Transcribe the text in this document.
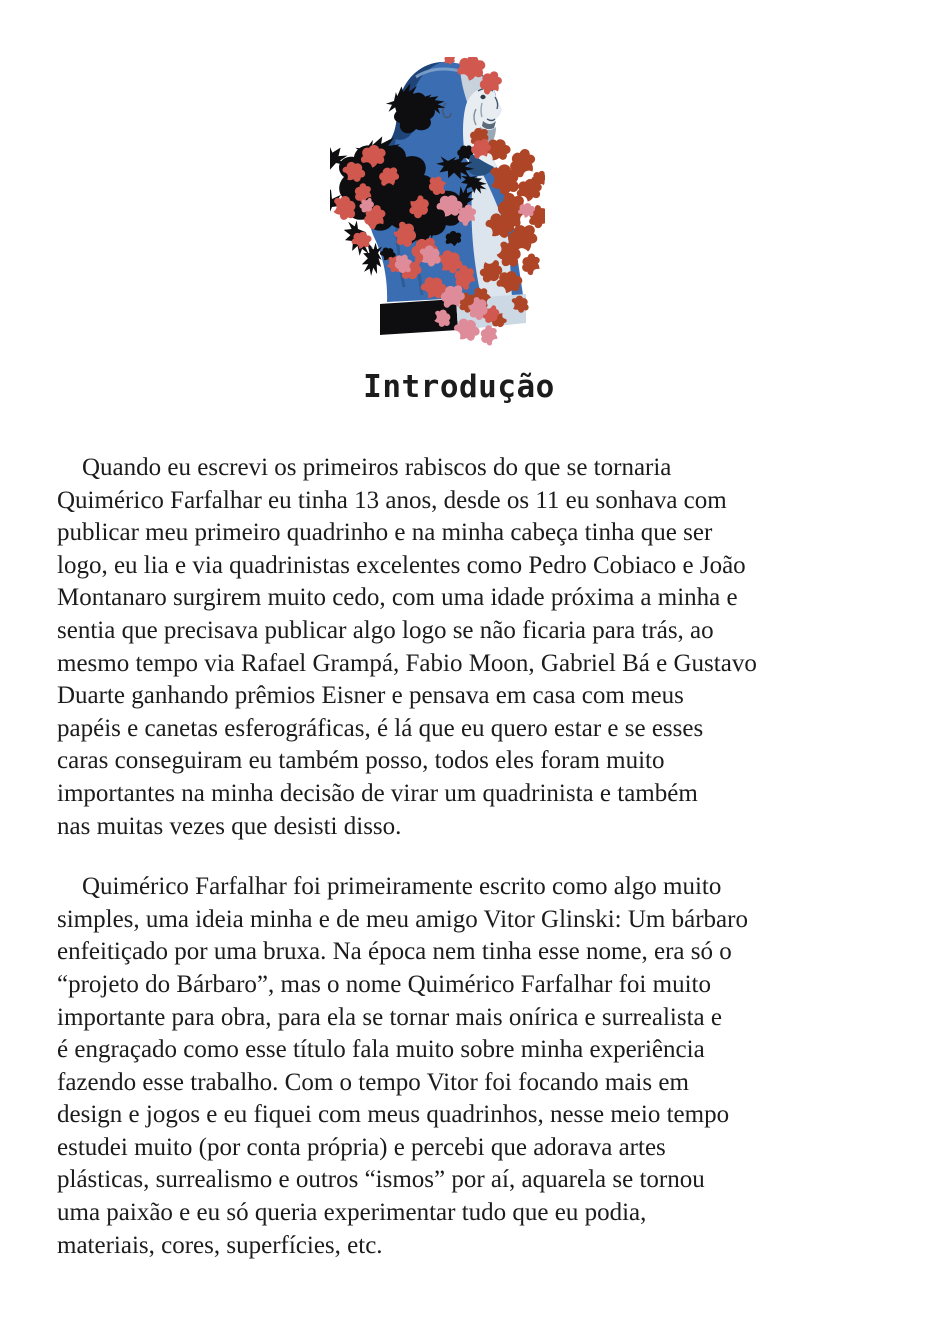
Introdução
Quando eu escrevi os primeiros rabiscos do que se tornaria
Quimérico Farfalhar eu tinha 13 anos, desde os 11 eu sonhava com
publicar meu primeiro quadrinho e na minha cabeça tinha que ser
logo, eu lia e via quadrinistas excelentes como Pedro Cobiaco e João
Montanaro surgirem muito cedo, com uma idade próxima a minha e
sentia que precisava publicar algo logo se não ficaria para trás, ao
mesmo tempo via Rafael Grampá, Fabio Moon, Gabriel Bá e Gustavo
Duarte ganhando prêmios Eisner e pensava em casa com meus
papéis e canetas esferográficas, é lá que eu quero estar e se esses
caras conseguiram eu também posso, todos eles foram muito
importantes na minha decisão de virar um quadrinista e também
nas muitas vezes que desisti disso.
Quimérico Farfalhar foi primeiramente escrito como algo muito
simples, uma ideia minha e de meu amigo Vitor Glinski: Um bárbaro
enfeitiçado por uma bruxa. Na época nem tinha esse nome, era só o
“projeto do Bárbaro”, mas o nome Quimérico Farfalhar foi muito
importante para obra, para ela se tornar mais onírica e surrealista e
é engraçado como esse título fala muito sobre minha experiência
fazendo esse trabalho. Com o tempo Vitor foi focando mais em
design e jogos e eu fiquei com meus quadrinhos, nesse meio tempo
estudei muito (por conta própria) e percebi que adorava artes
plásticas, surrealismo e outros “ismos” por aí, aquarela se tornou
uma paixão e eu só queria experimentar tudo que eu podia,
materiais, cores, superfícies, etc.
